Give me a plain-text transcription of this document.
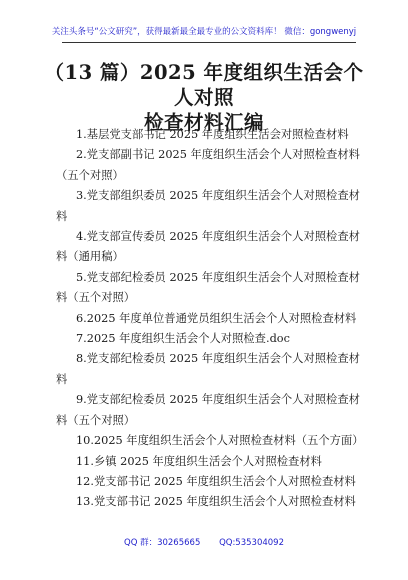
关注头条号“公文研究”，获得最新最全最专业的公文资料库！ 微信：gongwenyj
（13 篇）2025 年度组织生活会个人对照
检查材料汇编
1.基层党支部书记 2025 年度组织生活会对照检查材料
2.党支部副书记 2025 年度组织生活会个人对照检查材料（五个对照）
3.党支部组织委员 2025 年度组织生活会个人对照检查材料
4.党支部宣传委员 2025 年度组织生活会个人对照检查材料（通用稿）
5.党支部纪检委员 2025 年度组织生活会个人对照检查材料（五个对照）
6.2025 年度单位普通党员组织生活会个人对照检查材料
7.2025 年度组织生活会个人对照检查.doc
8.党支部纪检委员 2025 年度组织生活会个人对照检查材料
9.党支部纪检委员 2025 年度组织生活会个人对照检查材料（五个对照）
10.2025 年度组织生活会个人对照检查材料（五个方面）
11.乡镇 2025 年度组织生活会个人对照检查材料
12.党支部书记 2025 年度组织生活会个人对照检查材料
13.党支部书记 2025 年度组织生活会个人对照检查材料
QQ 群：30265665 QQ:535304092
